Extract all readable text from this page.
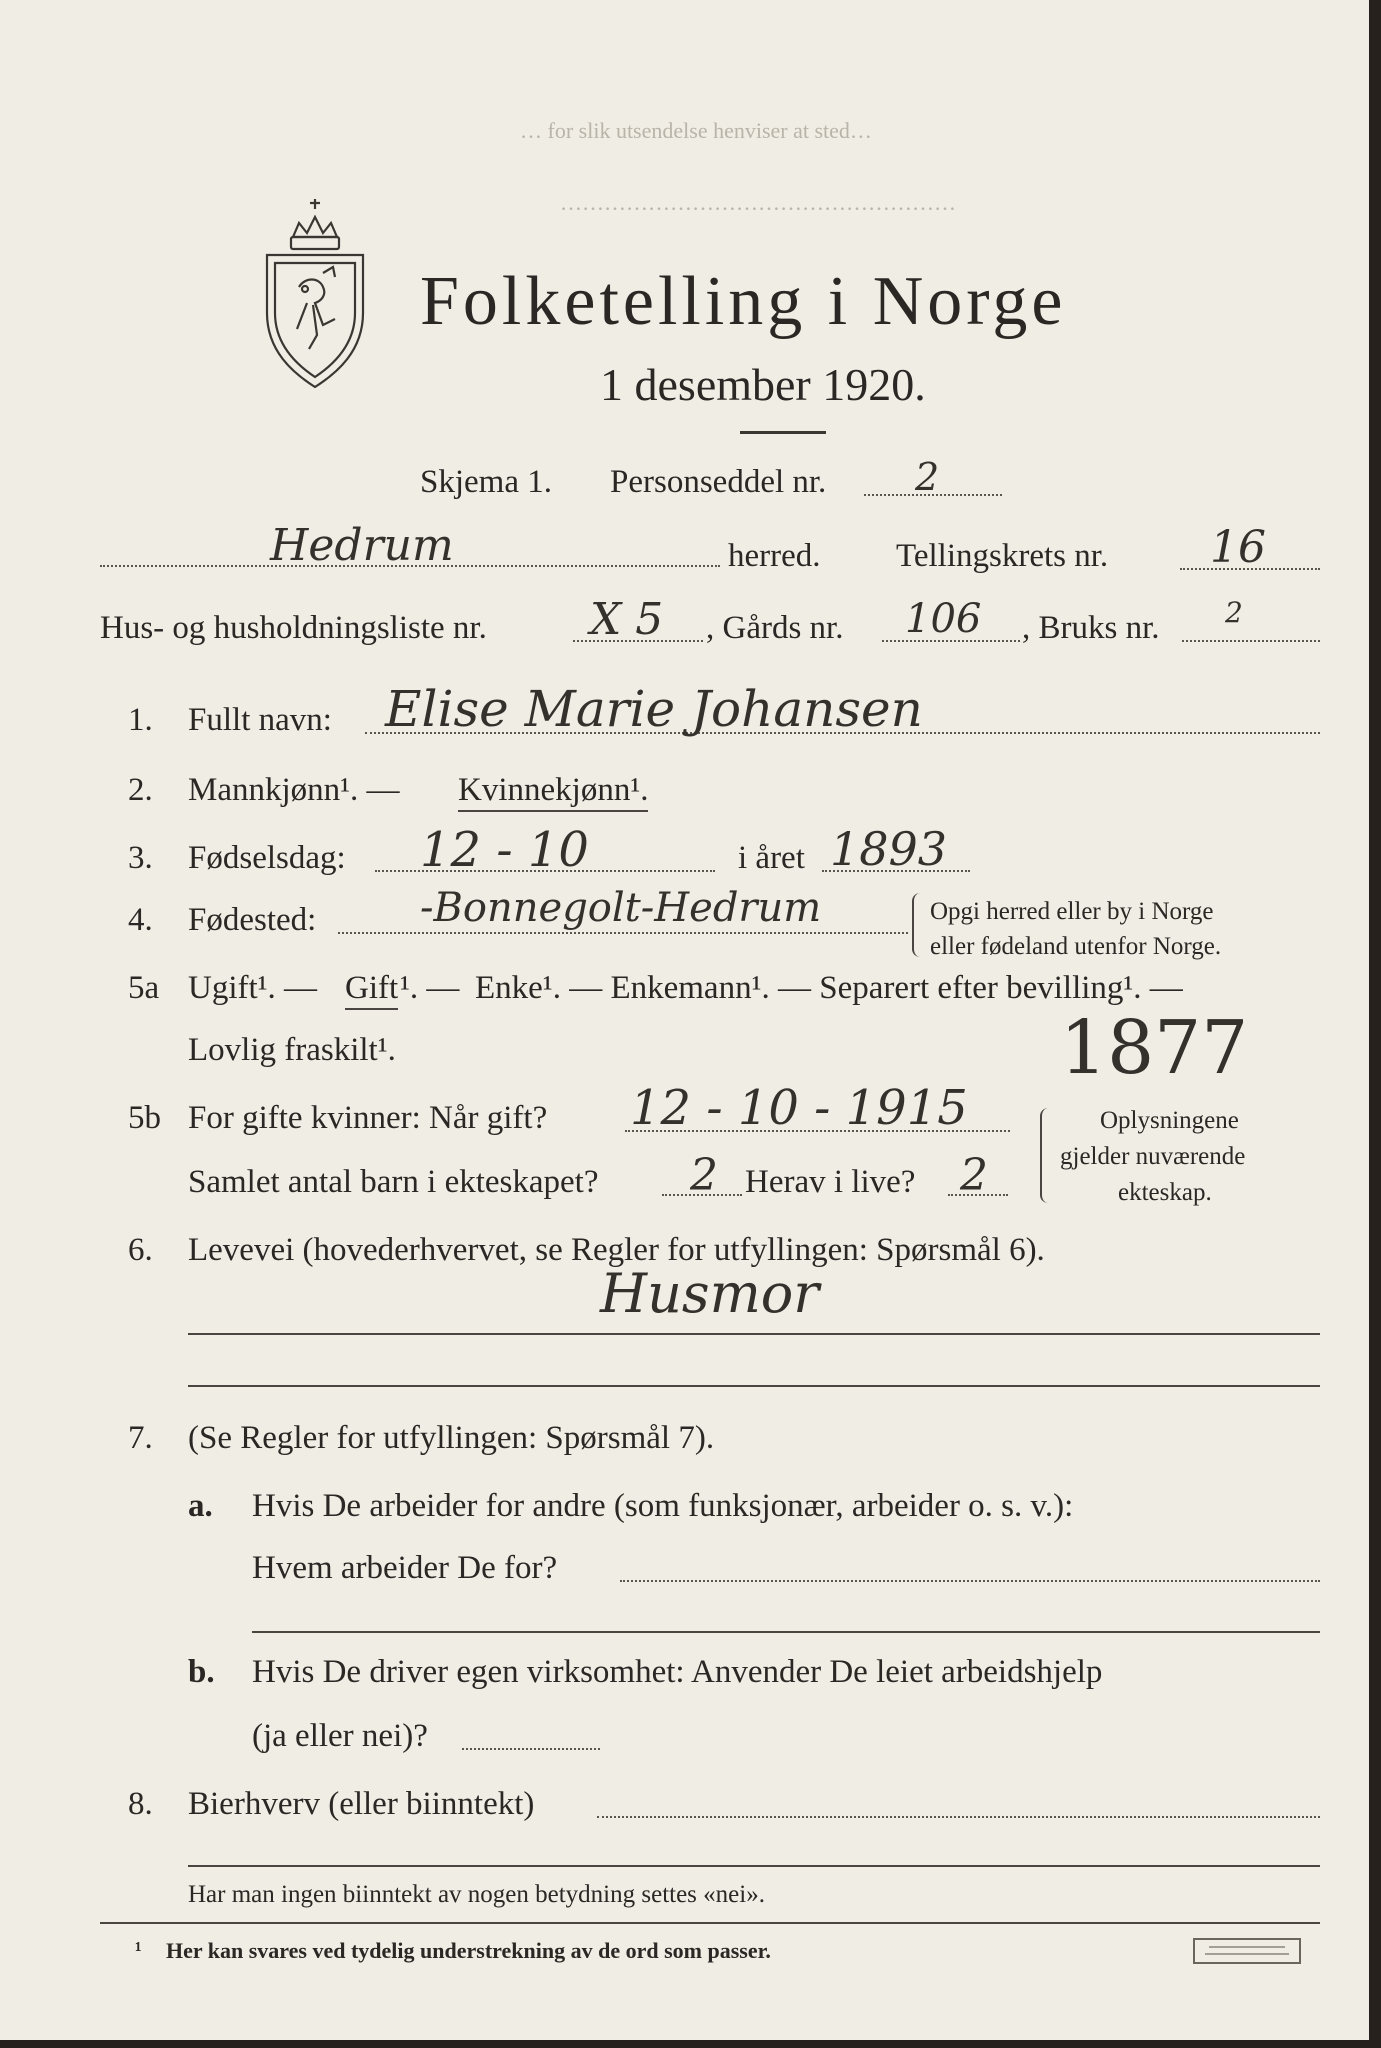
… for slik utsendelse henviser at sted…
………………………………………………
Folketelling i Norge
1 desember 1920.
Skjema 1. Personseddel nr. 2
Hedrum	herred. Tellingskrets nr. 16
Hus- og husholdningsliste nr. X 5 , Gårds nr. 106 , Bruks nr. 2
1. Fullt navn: Elise Marie Johansen
2. Mannkjønn¹. — Kvinnekjønn¹.
3. Fødselsdag: 12 - 10	i året 1893
4. Fødested:	-Bonnegolt-Hedrum	Opgi herred eller by i Norge
eller fødeland utenfor Norge.
5a Ugift¹. — Gift ¹. — Enke¹. — Enkemann¹. — Separert efter bevilling¹. —
Lovlig fraskilt¹.	1877
5b For gifte kvinner: Når gift? 12 - 10 - 1915
Samlet antal barn i ekteskapet? 2 Herav i live? 2
Oplysningene
gjelder nuværende
ekteskap.
6. Levevei (hovederhvervet, se Regler for utfyllingen: Spørsmål 6).
Husmor
7. (Se Regler for utfyllingen: Spørsmål 7).
a. Hvis De arbeider for andre (som funksjonær, arbeider o. s. v.):
Hvem arbeider De for?
b. Hvis De driver egen virksomhet: Anvender De leiet arbeidshjelp
(ja eller nei)?
8. Bierhverv (eller biinntekt)
Har man ingen biinntekt av nogen betydning settes «nei».
¹ Her kan svares ved tydelig understrekning av de ord som passer.
